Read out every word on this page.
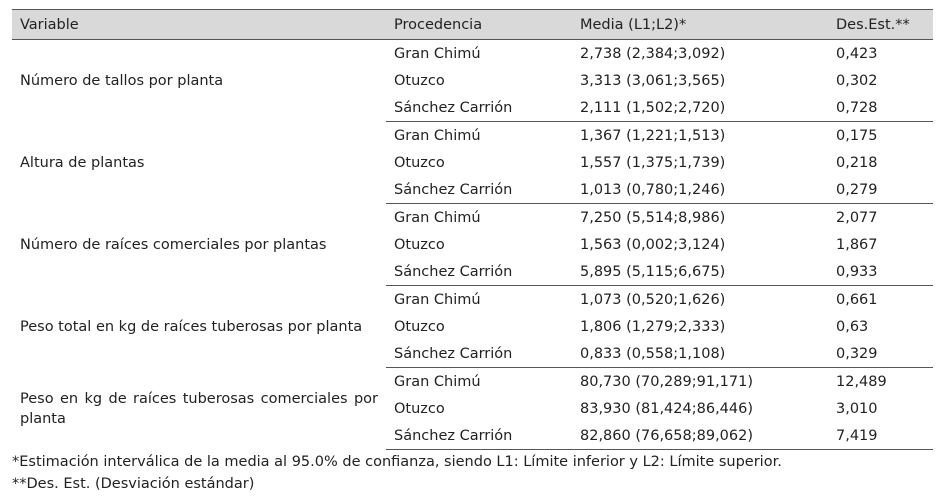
Variable	Procedencia	Media (L1;L2)*	Des.Est.**
Número de tallos por planta	Gran Chimú	2,738 (2,384;3,092)	0,423
	Otuzco	3,313 (3,061;3,565)	0,302
	Sánchez Carrión	2,111 (1,502;2,720)	0,728
Altura de plantas	Gran Chimú	1,367 (1,221;1,513)	0,175
	Otuzco	1,557 (1,375;1,739)	0,218
	Sánchez Carrión	1,013 (0,780;1,246)	0,279
Número de raíces comerciales por plantas	Gran Chimú	7,250 (5,514;8,986)	2,077
	Otuzco	1,563 (0,002;3,124)	1,867
	Sánchez Carrión	5,895 (5,115;6,675)	0,933
Peso total en kg de raíces tuberosas por planta	Gran Chimú	1,073 (0,520;1,626)	0,661
	Otuzco	1,806 (1,279;2,333)	0,63
	Sánchez Carrión	0,833 (0,558;1,108)	0,329
Peso en kg de raíces tuberosas comerciales por planta	Gran Chimú	80,730 (70,289;91,171)	12,489
	Otuzco	83,930 (81,424;86,446)	3,010
	Sánchez Carrión	82,860 (76,658;89,062)	7,419
*Estimación interválica de la media al 95.0% de confianza, siendo L1: Límite inferior y L2: Límite superior.
**Des. Est. (Desviación estándar)
